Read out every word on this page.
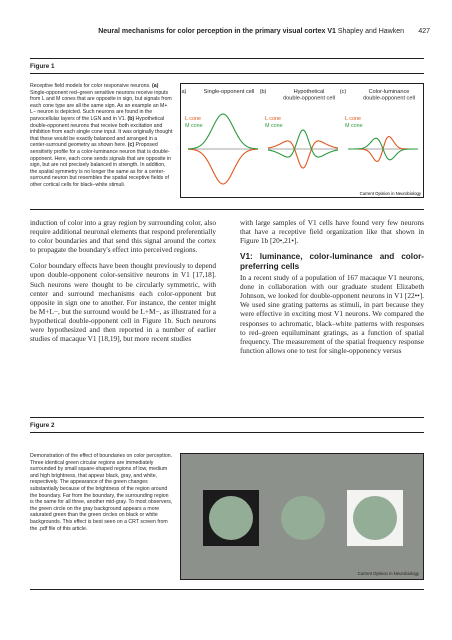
Neural mechanisms for color perception in the primary visual cortex V1 Shapley and Hawken 427
Figure 1
Receptive field models for color responsive neurons. (a) Single-opponent red–green sensitive neurons receive inputs from L and M cones that are opposite in sign, but signals from each cone type are all the same sign. As an example an M+ L− neuron is depicted. Such neurons are found in the parvocellular layers of the LGN and in V1. (b) Hypothetical double-opponent neurons that receive both excitation and inhibition from each single cone input. It was originally thought that these would be exactly balanced and arranged in a center-surround geometry as shown here. (c) Proposed sensitivity profile for a color-luminance neuron that is double-opponent. Here, each cone sends signals that are opposite in sign, but are not precisely balanced in strength. In addition, the spatial symmetry is no longer the same as for a center-surround neuron but resembles the spatial receptive fields of other cortical cells for black–white stimuli.
(a)	Single-opponent cell
L cone
M cone
(b)	Hypothetical
double-opponent cell
L cone
M cone
(c)	Color-luminance
double-opponent cell
L cone
M cone
Current Opinion in Neurobiology

induction of color into a gray region by surrounding color, also require additional neuronal elements that respond preferentially to color boundaries and that send this signal around the cortex to propagate the boundary's effect into perceived regions.

Color boundary effects have been thought previously to depend upon double-opponent color-sensitive neurons in V1 [17,18]. Such neurons were thought to be circularly symmetric, with center and surround mechanisms each color-opponent but opposite in sign one to another. For instance, the center might be M+L−, but the surround would be L+M−, as illustrated for a hypothetical double-opponent cell in Figure 1b. Such neurons were hypothesized and then reported in a number of earlier studies of macaque V1 [18,19], but more recent studies

with large samples of V1 cells have found very few neurons that have a receptive field organization like that shown in Figure 1b [20•,21•].

V1: luminance, color-luminance and color-preferring cells

In a recent study of a population of 167 macaque V1 neurons, done in collaboration with our graduate student Elizabeth Johnson, we looked for double-opponent neurons in V1 [22••]. We used sine grating patterns as stimuli, in part because they were effective in exciting most V1 neurons. We compared the responses to achromatic, black–white patterns with responses to red–green equiluminant gratings, as a function of spatial frequency. The measurement of the spatial frequency response function allows one to test for single-opponency versus

Figure 2
Demonstration of the effect of boundaries on color perception. Three identical green circular regions are immediately surrounded by small square-shaped regions of low, medium and high brightness, that appear black, gray, and white, respectively. The appearance of the green changes substantially because of the brightness of the region around the boundary. Far from the boundary, the surrounding region is the same for all three, another mid-gray. To most observers, the green circle on the gray background appears a more saturated green than the green circles on black or white backgrounds. This effect is best seen on a CRT screen from the .pdf file of this article.
Current Opinion in Neurobiology
